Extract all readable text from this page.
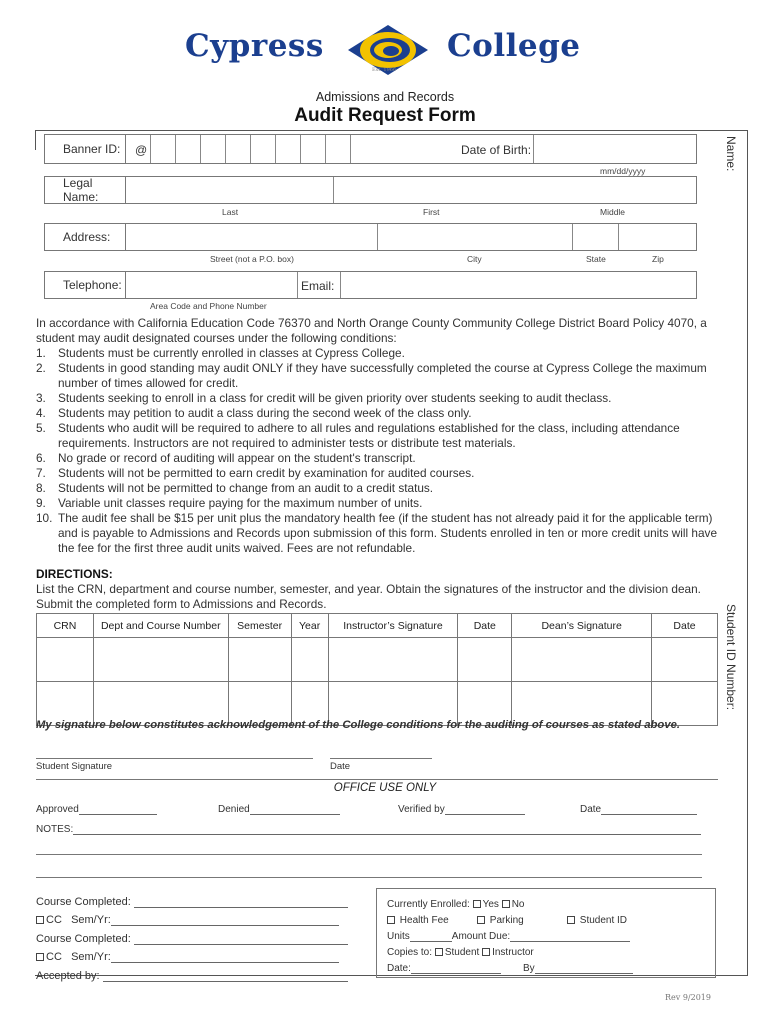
Cypress
Est. 1966
College
Admissions and Records
Audit Request Form
Name:
Student ID Number:
Banner ID:	@	Date of Birth:
mm/dd/yyyy
Legal Name:
Last	First	Middle
Address:
Street (not a P.O. box)	City	State	Zip
Telephone:	Email:
Area Code and Phone Number

In accordance with California Education Code 76370 and North Orange County Community College District Board Policy 4070, a student may audit designated courses under the following conditions:

1. Students must be currently enrolled in classes at Cypress College.
2. Students in good standing may audit ONLY if they have successfully completed the course at Cypress College the maximum number of times allowed for credit.
3. Students seeking to enroll in a class for credit will be given priority over students seeking to audit theclass.
4. Students may petition to audit a class during the second week of the class only.
5. Students who audit will be required to adhere to all rules and regulations established for the class, including attendance requirements. Instructors are not required to administer tests or distribute test materials.
6. No grade or record of auditing will appear on the student's transcript.
7. Students will not be permitted to earn credit by examination for audited courses.
8. Students will not be permitted to change from an audit to a credit status.
9. Variable unit classes require paying for the maximum number of units.
10. The audit fee shall be $15 per unit plus the mandatory health fee (if the student has not already paid it for the applicable term) and is payable to Admissions and Records upon submission of this form. Students enrolled in ten or more credit units will have the fee for the first three audit units waived. Fees are not refundable.
DIRECTIONS:
List the CRN, department and course number, semester, and year. Obtain the signatures of the instructor and the division dean. Submit the completed form to Admissions and Records.
CRN	Dept and Course Number	Semester	Year	Instructor’s Signature	Date	Dean’s Signature	Date

My signature below constitutes acknowledgement of the College conditions for the auditing of courses as stated above.
Student Signature	Date
OFFICE USE ONLY
Approved	Denied	Verified by	Date
NOTES:
Course Completed:
CC Sem/Yr:
Course Completed:
CC Sem/Yr:
Accepted by:
Currently Enrolled: Yes No
Health Fee	Parking	Student ID
Units	Amount Due:
Copies to: Student Instructor
Date:	By
Rev 9/2019
